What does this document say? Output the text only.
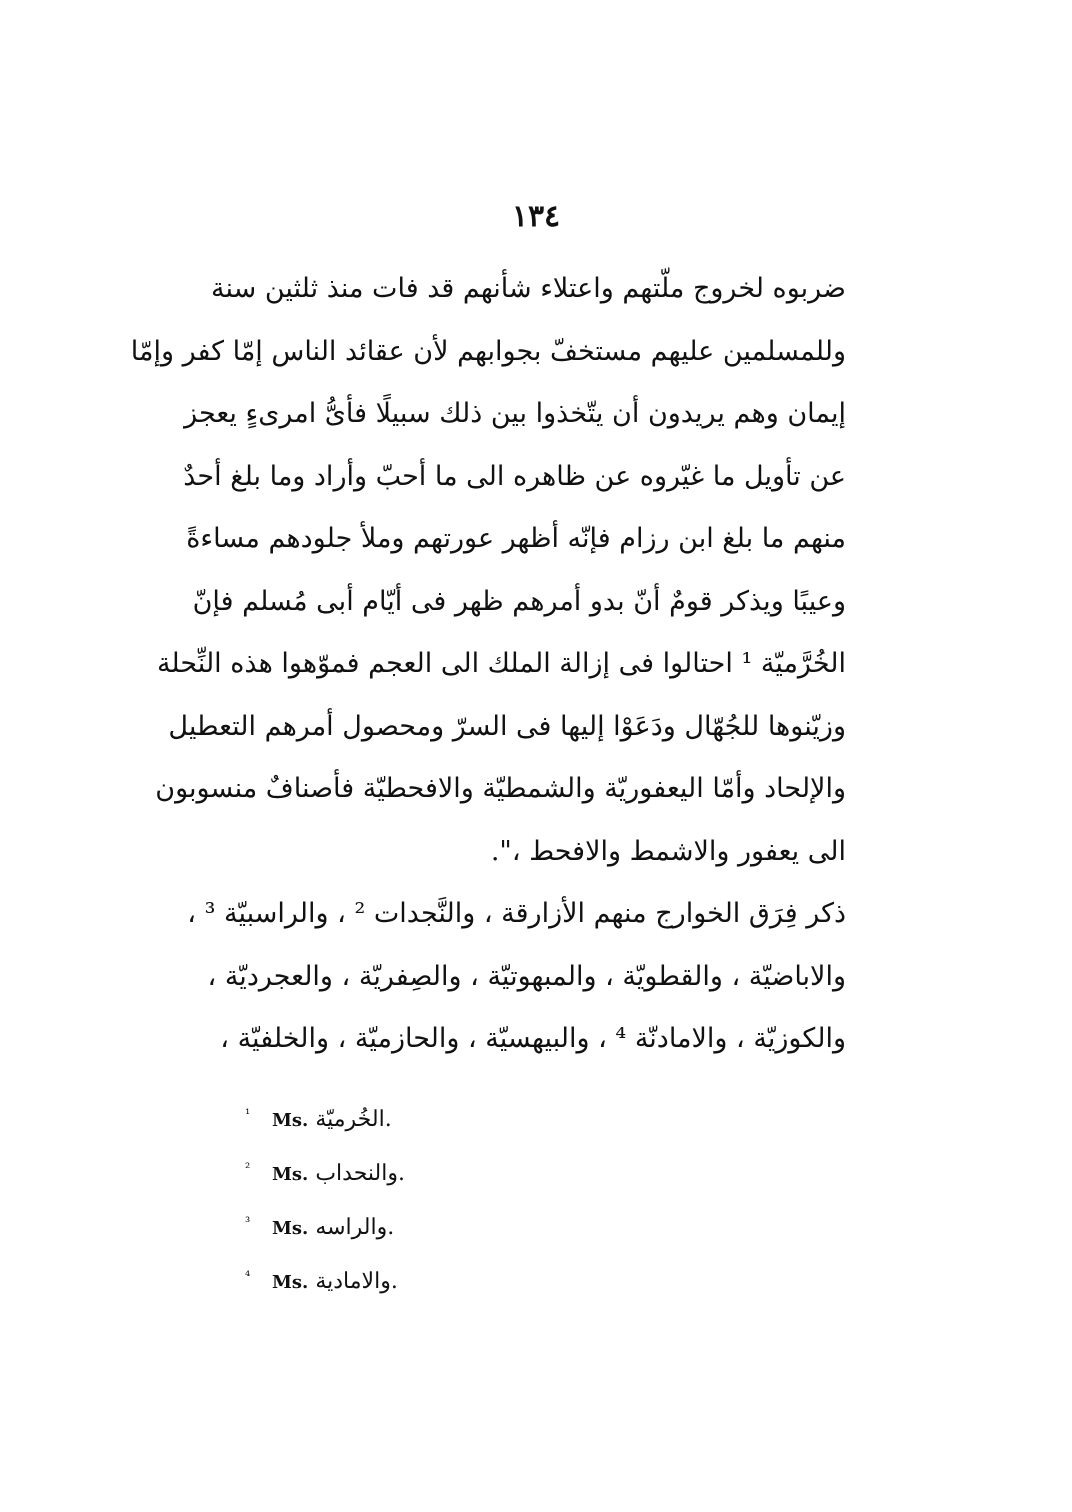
١٣٤
ضربوه لخروج ملّتهم واعتلاء شأنهم قد فات منذ ثلثين سنة
وللمسلمين عليهم مستخفّ بجوابهم لأن عقائد الناس إمّا كفر وإمّا
إيمان وهم يريدون أن يتّخذوا بين ذلك سبيلًا فأىُّ امرىءٍ يعجز
عن تأويل ما غيّروه عن ظاهره الى ما أحبّ وأراد وما بلغ أحدٌ
منهم ما بلغ ابن رزام فإنّه أظهر عورتهم وملأ جلودهم مساءةً
وعيبًا ويذكر قومٌ أنّ بدو أمرهم ظهر فى أيّام أبى مُسلم فإنّ
الخُرَّميّة ¹ احتالوا فى إزالة الملك الى العجم فموّهوا هذه النِّحلة
وزيّنوها للجُهّال ودَعَوْا إليها فى السرّ ومحصول أمرهم التعطيل
والإلحاد وأمّا اليعفوريّة والشمطيّة والافحطيّة فأصنافٌ منسوبون
الى يعفور والاشمط والافحط ،".
ذكر فِرَق الخوارج منهم الأزارقة ، والنَّجدات ² ، والراسبيّة ³ ،
والاباضيّة ، والقطويّة ، والمبهوتيّة ، والصِفريّة ، والعجرديّة ،
والكوزيّة ، والامادنّة ⁴ ، والبيهسيّة ، والحازميّة ، والخلفيّة ،
¹ Ms. الخُرميّة.
² Ms. والنحداب.
³ Ms. والراسه.
⁴ Ms. والامادية.
